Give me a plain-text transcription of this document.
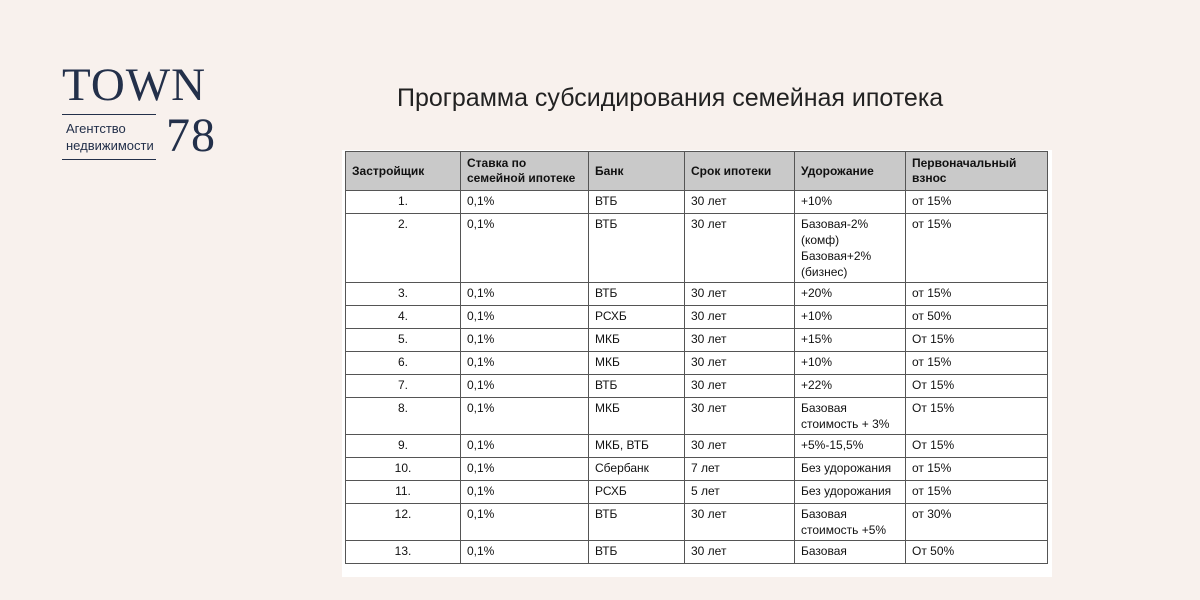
TOWN
Агентство
недвижимости 78
Программа субсидирования семейная ипотека
Застройщик	Ставка по семейной ипотеке	Банк	Срок ипотеки	Удорожание	Первоначальный взнос
1.	0,1%	ВТБ	30 лет	+10%	от 15%
2.	0,1%	ВТБ	30 лет	Базовая-2%(комф) Базовая+2% (бизнес)	от 15%
3.	0,1%	ВТБ	30 лет	+20%	от 15%
4.	0,1%	РСХБ	30 лет	+10%	от 50%
5.	0,1%	МКБ	30 лет	+15%	От 15%
6.	0,1%	МКБ	30 лет	+10%	от 15%
7.	0,1%	ВТБ	30 лет	+22%	От 15%
8.	0,1%	МКБ	30 лет	Базовая стоимость + 3%	От 15%
9.	0,1%	МКБ, ВТБ	30 лет	+5%-15,5%	От 15%
10.	0,1%	Сбербанк	7 лет	Без удорожания	от 15%
11.	0,1%	РСХБ	5 лет	Без удорожания	от 15%
12.	0,1%	ВТБ	30 лет	Базовая стоимость +5%	от 30%
13.	0,1%	ВТБ	30 лет	Базовая	От 50%
